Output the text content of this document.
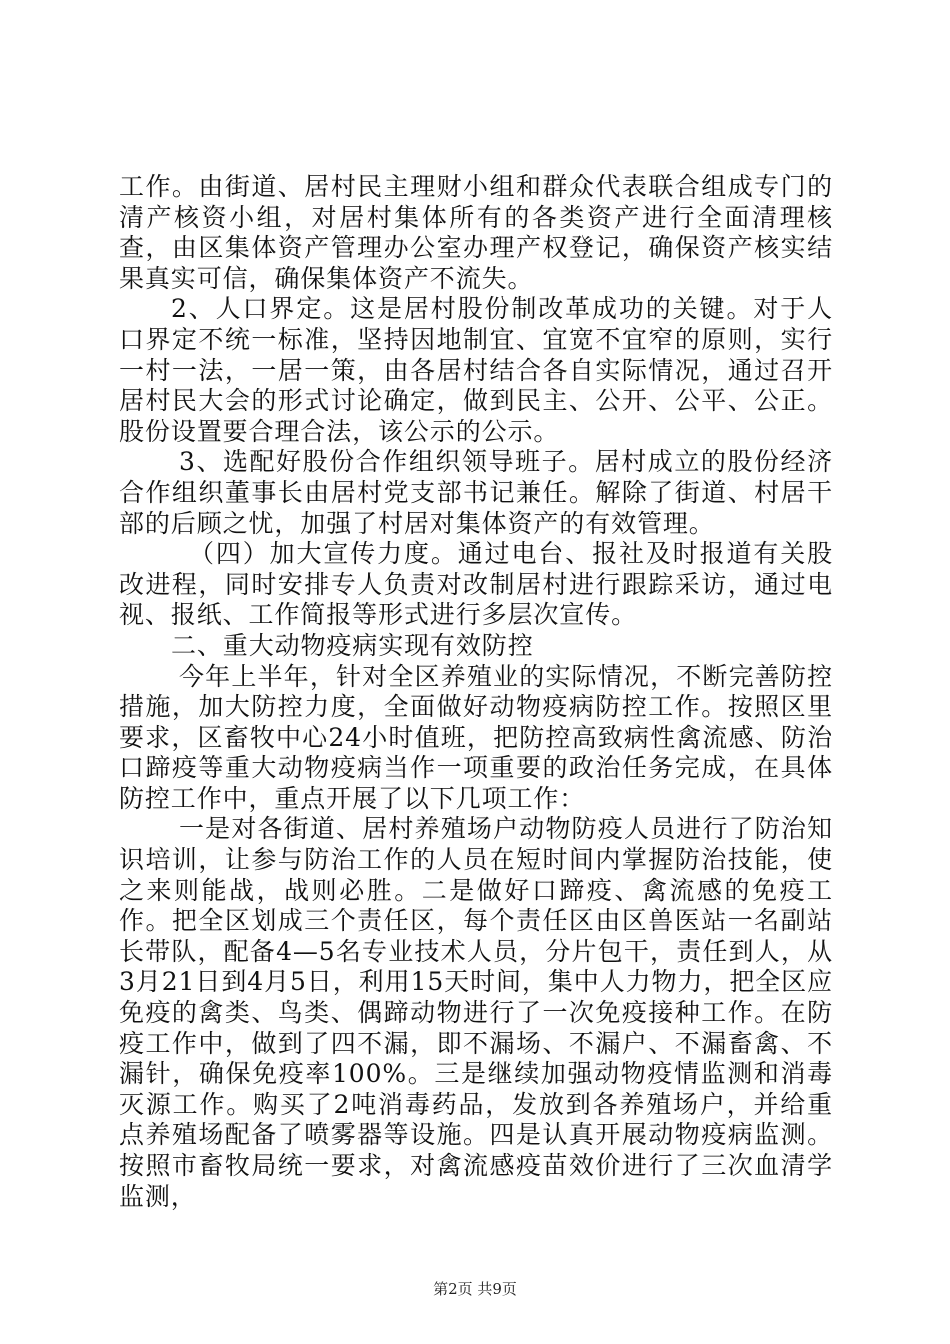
工作。由街道、居村民主理财小组和群众代表联合组成专门的清产核资小组，对居村集体所有的各类资产进行全面清理核查，由区集体资产管理办公室办理产权登记，确保资产核实结果真实可信，确保集体资产不流失。

2、人口界定。这是居村股份制改革成功的关键。对于人口界定不统一标准，坚持因地制宜、宜宽不宜窄的原则，实行一村一法，一居一策，由各居村结合各自实际情况，通过召开居村民大会的形式讨论确定，做到民主、公开、公平、公正。股份设置要合理合法，该公示的公示。

3、选配好股份合作组织领导班子。居村成立的股份经济合作组织董事长由居村党支部书记兼任。解除了街道、村居干部的后顾之忧，加强了村居对集体资产的有效管理。

（四）加大宣传力度。通过电台、报社及时报道有关股改进程，同时安排专人负责对改制居村进行跟踪采访，通过电视、报纸、工作简报等形式进行多层次宣传。

二、重大动物疫病实现有效防控

今年上半年，针对全区养殖业的实际情况，不断完善防控措施，加大防控力度，全面做好动物疫病防控工作。按照区里要求，区畜牧中心24小时值班，把防控高致病性禽流感、防治口蹄疫等重大动物疫病当作一项重要的政治任务完成，在具体防控工作中，重点开展了以下几项工作：

一是对各街道、居村养殖场户动物防疫人员进行了防治知识培训，让参与防治工作的人员在短时间内掌握防治技能，使之来则能战，战则必胜。二是做好口蹄疫、禽流感的免疫工作。把全区划成三个责任区，每个责任区由区兽医站一名副站长带队，配备4—5名专业技术人员，分片包干，责任到人，从3月21日到4月5日，利用15天时间，集中人力物力，把全区应免疫的禽类、鸟类、偶蹄动物进行了一次免疫接种工作。在防疫工作中，做到了四不漏，即不漏场、不漏户、不漏畜禽、不漏针，确保免疫率100%。三是继续加强动物疫情监测和消毒灭源工作。购买了2吨消毒药品，发放到各养殖场户，并给重点养殖场配备了喷雾器等设施。四是认真开展动物疫病监测。按照市畜牧局统一要求，对禽流感疫苗效价进行了三次血清学监测，

第2页 共9页
